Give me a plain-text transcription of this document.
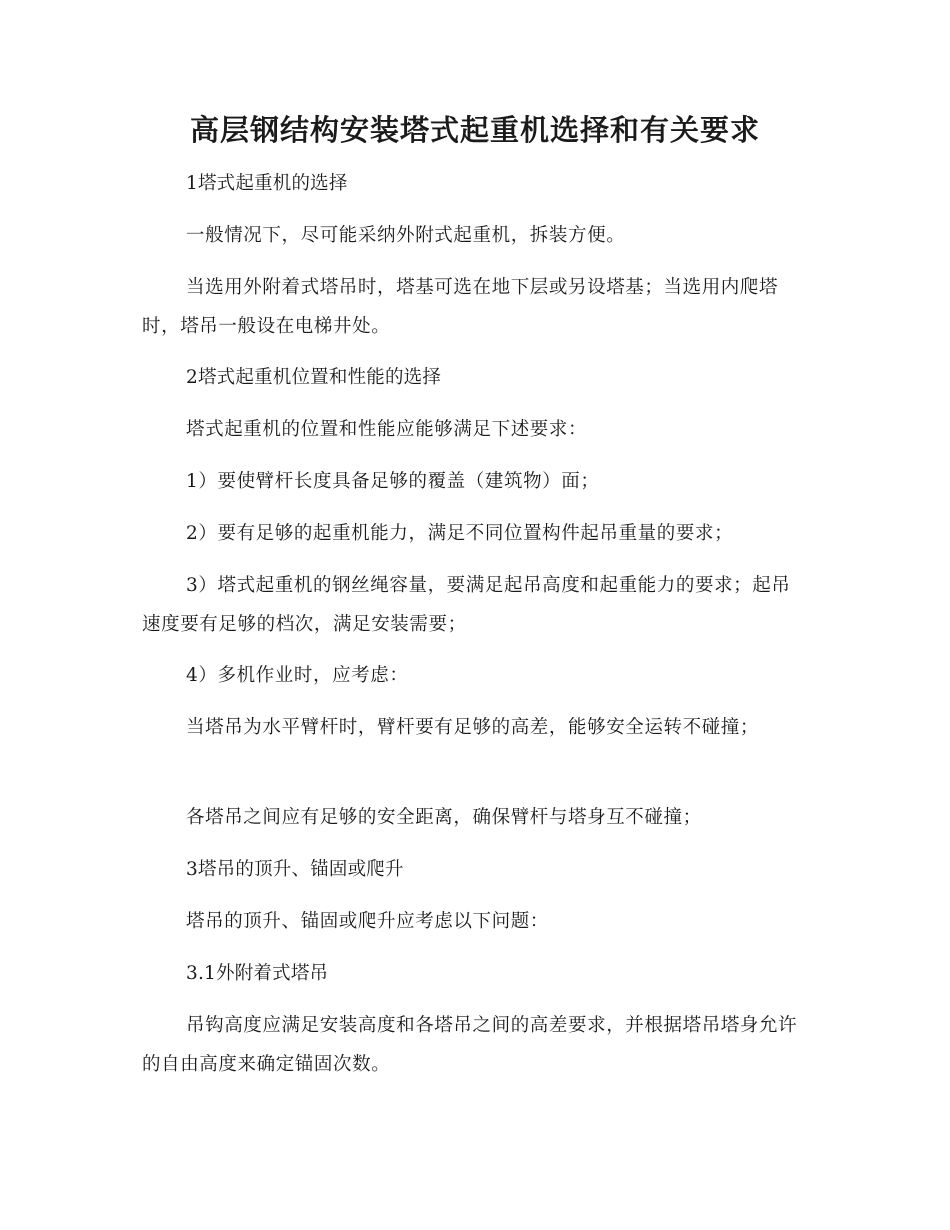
高层钢结构安装塔式起重机选择和有关要求

1塔式起重机的选择

一般情况下，尽可能采纳外附式起重机，拆装方便。

当选用外附着式塔吊时，塔基可选在地下层或另设塔基；当选用内爬塔时，塔吊一般设在电梯井处。

2塔式起重机位置和性能的选择

塔式起重机的位置和性能应能够满足下述要求：

1）要使臂杆长度具备足够的覆盖（建筑物）面；

2）要有足够的起重机能力，满足不同位置构件起吊重量的要求；

3）塔式起重机的钢丝绳容量，要满足起吊高度和起重能力的要求；起吊速度要有足够的档次，满足安装需要；

4）多机作业时，应考虑：

当塔吊为水平臂杆时，臂杆要有足够的高差，能够安全运转不碰撞；

各塔吊之间应有足够的安全距离，确保臂杆与塔身互不碰撞；

3塔吊的顶升、锚固或爬升

塔吊的顶升、锚固或爬升应考虑以下问题：

3.1外附着式塔吊

吊钩高度应满足安装高度和各塔吊之间的高差要求，并根据塔吊塔身允许的自由高度来确定锚固次数。
